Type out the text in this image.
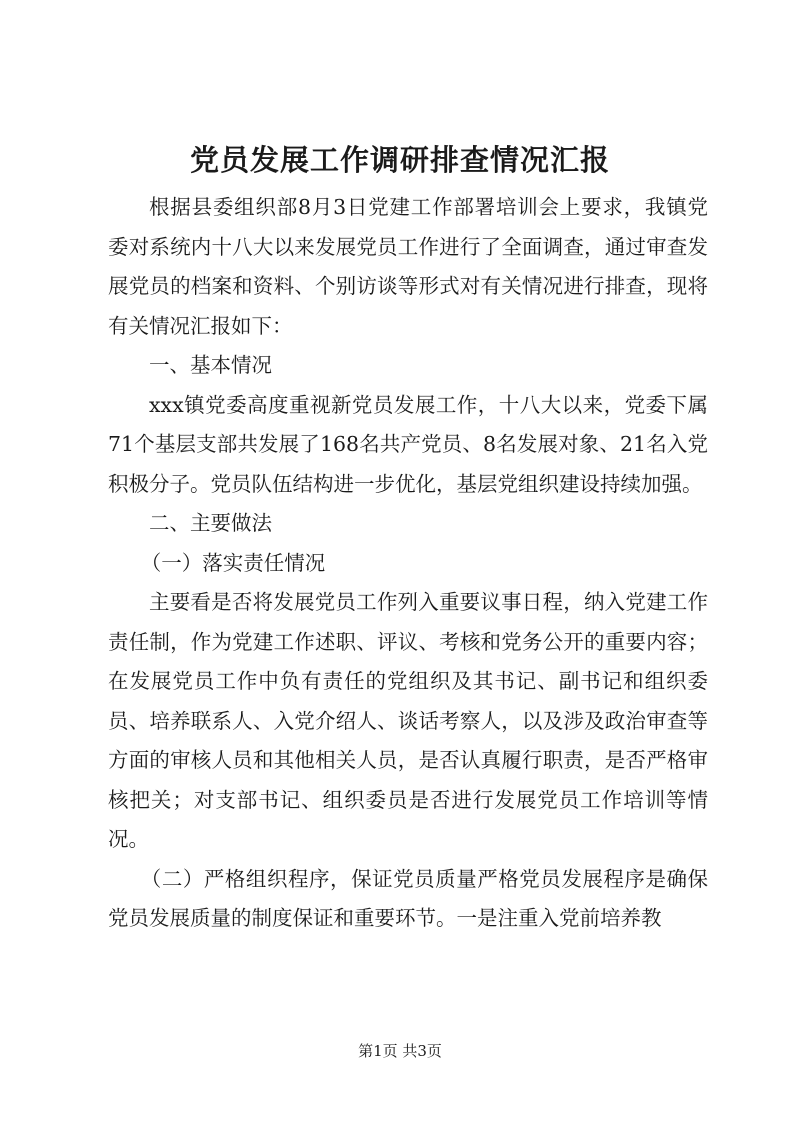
党员发展工作调研排查情况汇报

根据县委组织部8月3日党建工作部署培训会上要求，我镇党委对系统内十八大以来发展党员工作进行了全面调查，通过审查发展党员的档案和资料、个别访谈等形式对有关情况进行排查，现将有关情况汇报如下：

一、基本情况

xxx镇党委高度重视新党员发展工作，十八大以来，党委下属71个基层支部共发展了168名共产党员、8名发展对象、21名入党积极分子。党员队伍结构进一步优化，基层党组织建设持续加强。

二、主要做法

（一）落实责任情况

主要看是否将发展党员工作列入重要议事日程，纳入党建工作责任制，作为党建工作述职、评议、考核和党务公开的重要内容；在发展党员工作中负有责任的党组织及其书记、副书记和组织委员、培养联系人、入党介绍人、谈话考察人，以及涉及政治审查等方面的审核人员和其他相关人员，是否认真履行职责，是否严格审核把关；对支部书记、组织委员是否进行发展党员工作培训等情况。

（二）严格组织程序，保证党员质量严格党员发展程序是确保党员发展质量的制度保证和重要环节。一是注重入党前培养教

第1页 共3页
